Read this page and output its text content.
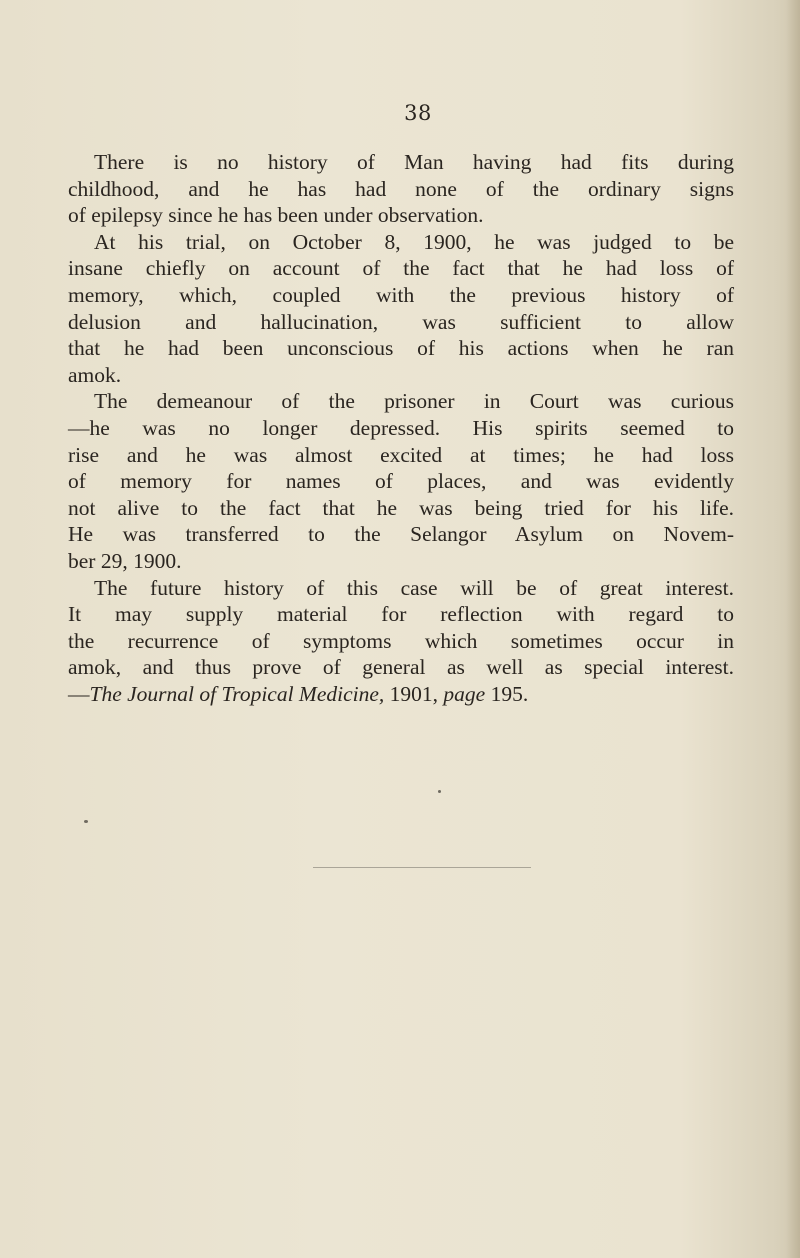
38
There is no history of Man having had fits during
childhood, and he has had none of the ordinary signs
of epilepsy since he has been under observation.
At his trial, on October 8, 1900, he was judged to be
insane chiefly on account of the fact that he had loss of
memory, which, coupled with the previous history of
delusion and hallucination, was sufficient to allow
that he had been unconscious of his actions when he ran
amok.
The demeanour of the prisoner in Court was curious
—he was no longer depressed. His spirits seemed to
rise and he was almost excited at times; he had loss
of memory for names of places, and was evidently
not alive to the fact that he was being tried for his life.
He was transferred to the Selangor Asylum on Novem-
ber 29, 1900.
The future history of this case will be of great interest.
It may supply material for reflection with regard to
the recurrence of symptoms which sometimes occur in
amok, and thus prove of general as well as special interest.
—The Journal of Tropical Medicine, 1901, page 195.
